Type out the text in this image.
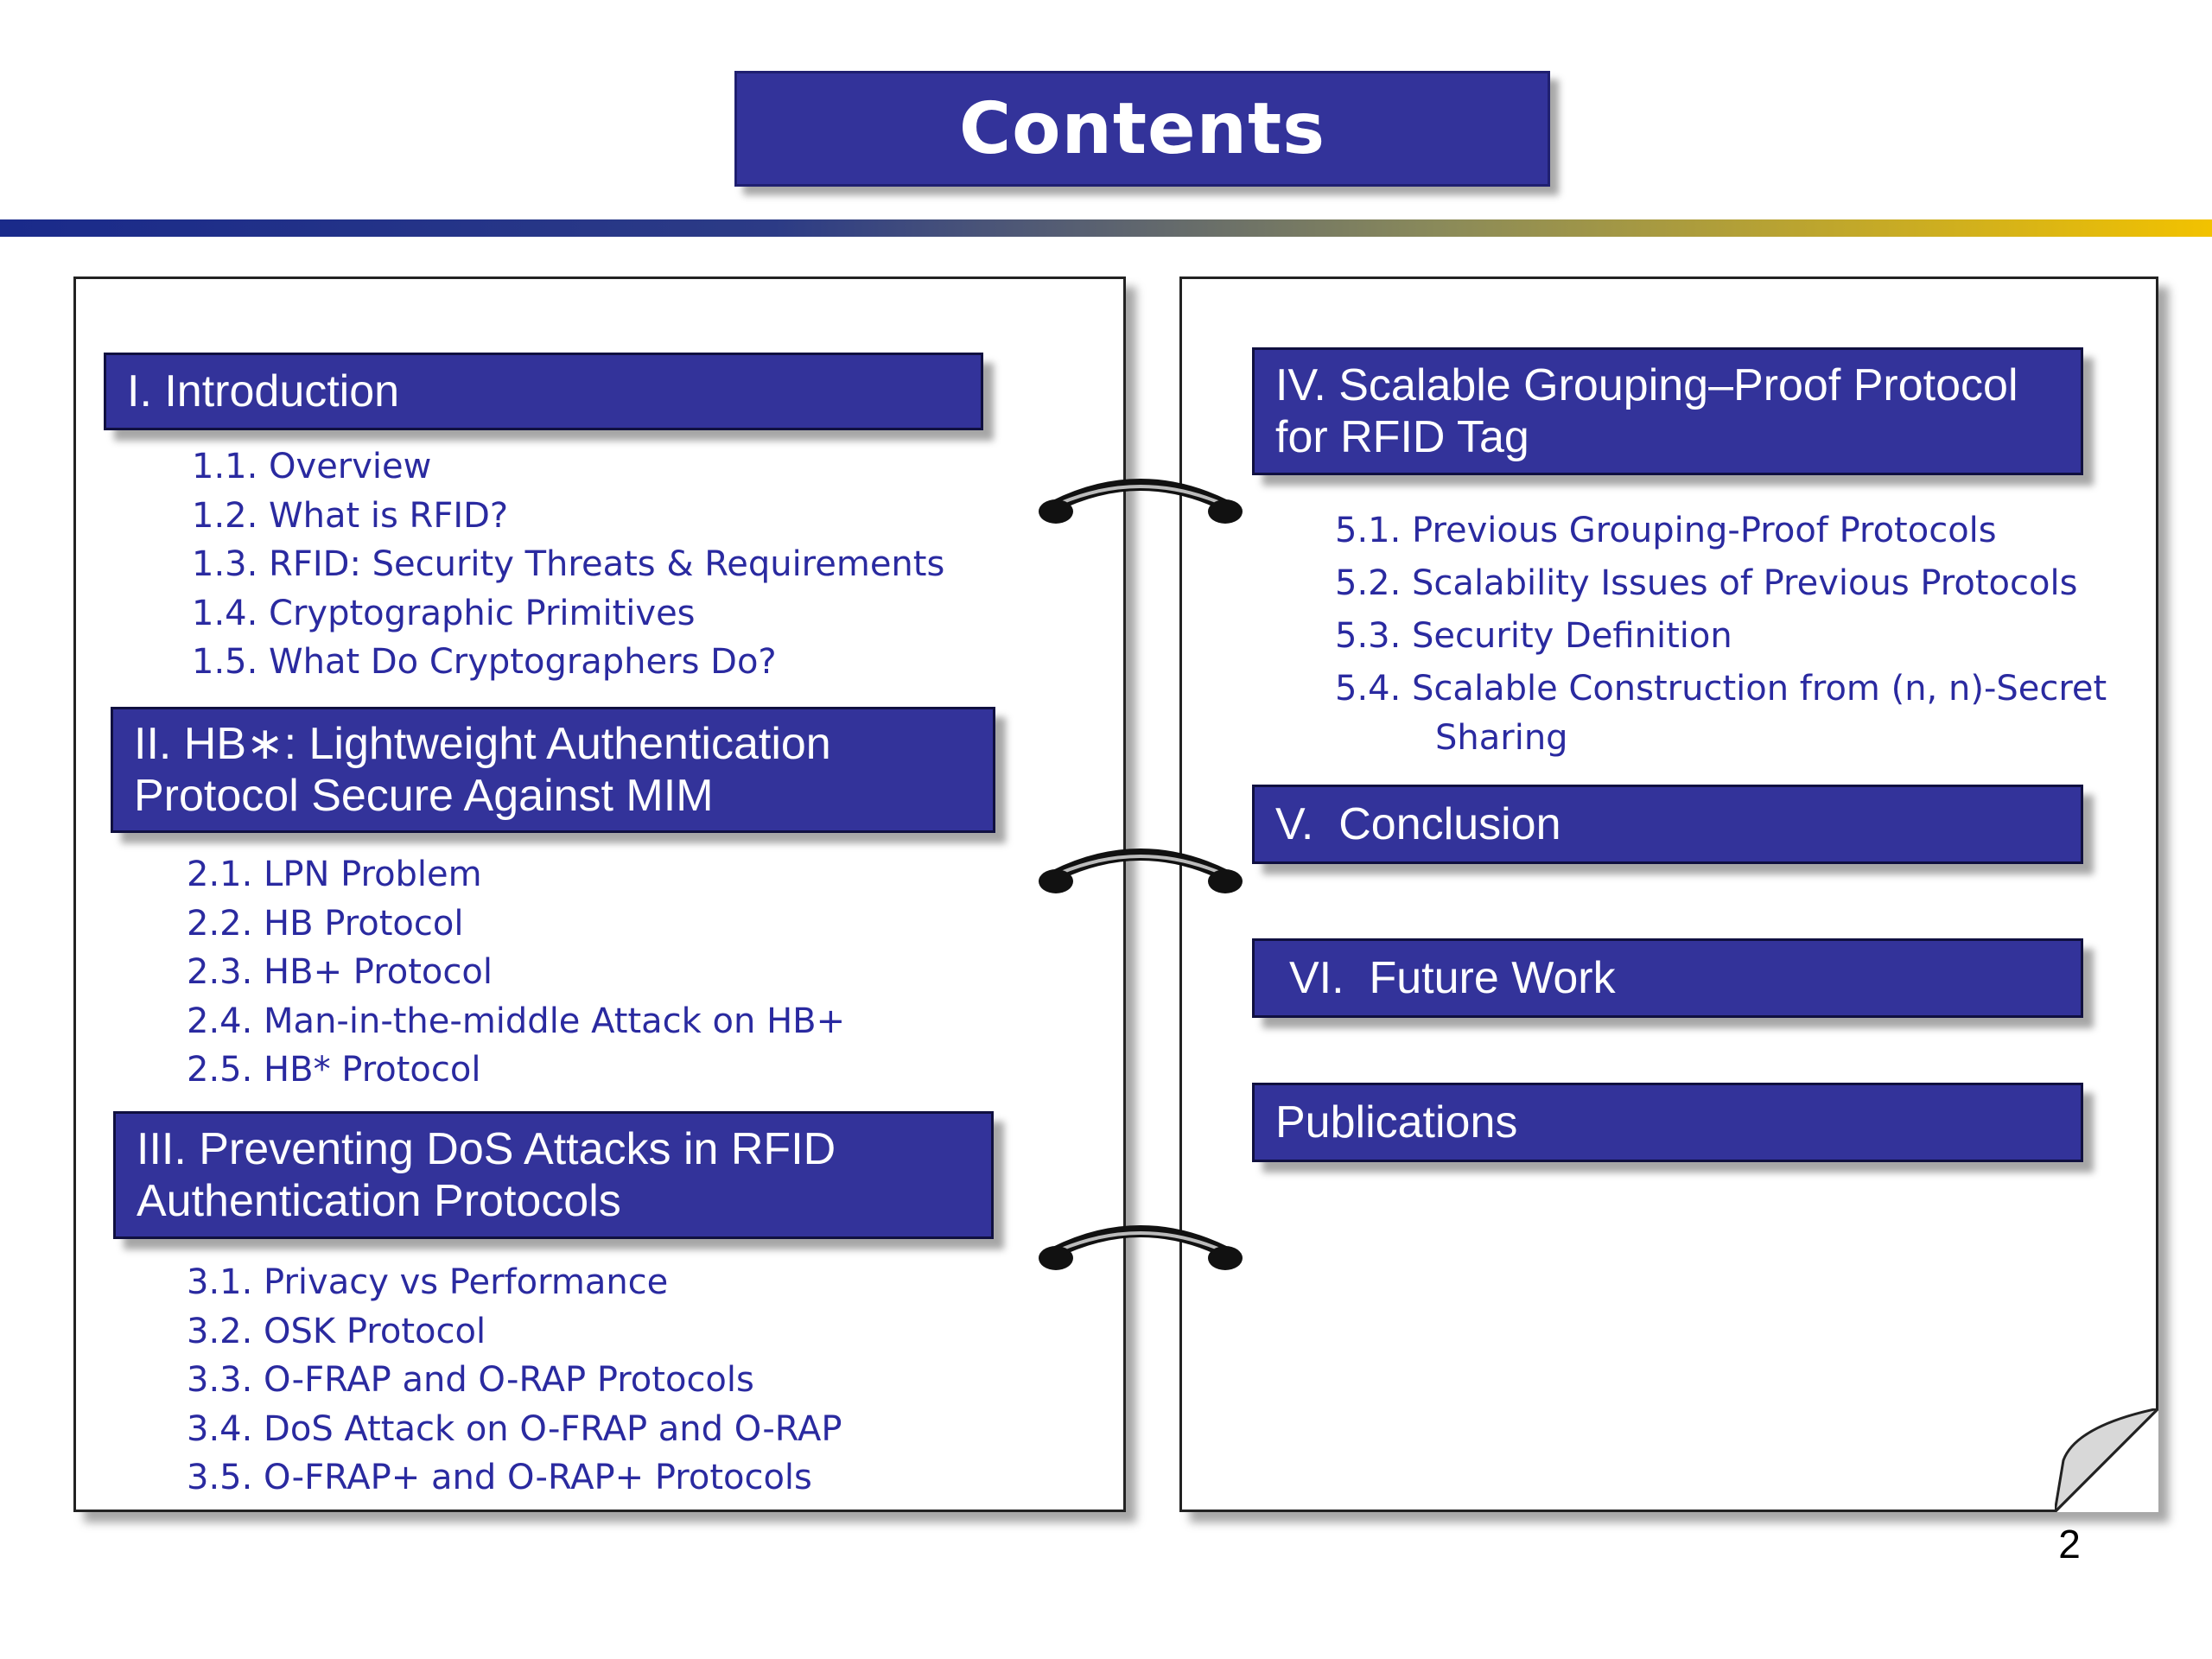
Contents
I. Introduction
1.1. Overview
1.2. What is RFID?
1.3. RFID: Security Threats & Requirements
1.4. Cryptographic Primitives
1.5. What Do Cryptographers Do?
II. HB∗: Lightweight Authentication
Protocol Secure Against MIM
2.1. LPN Problem
2.2. HB Protocol
2.3. HB+ Protocol
2.4. Man-in-the-middle Attack on HB+
2.5. HB* Protocol
III. Preventing DoS Attacks in RFID
Authentication Protocols
3.1. Privacy vs Performance
3.2. OSK Protocol
3.3. O-FRAP and O-RAP Protocols
3.4. DoS Attack on O-FRAP and O-RAP
3.5. O-FRAP+ and O-RAP+ Protocols
IV. Scalable Grouping–Proof Protocol
for RFID Tag
5.1. Previous Grouping-Proof Protocols
5.2. Scalability Issues of Previous Protocols
5.3. Security Definition
5.4. Scalable Construction from (n, n)-Secret
Sharing
V.  Conclusion
VI.  Future Work
Publications
2
